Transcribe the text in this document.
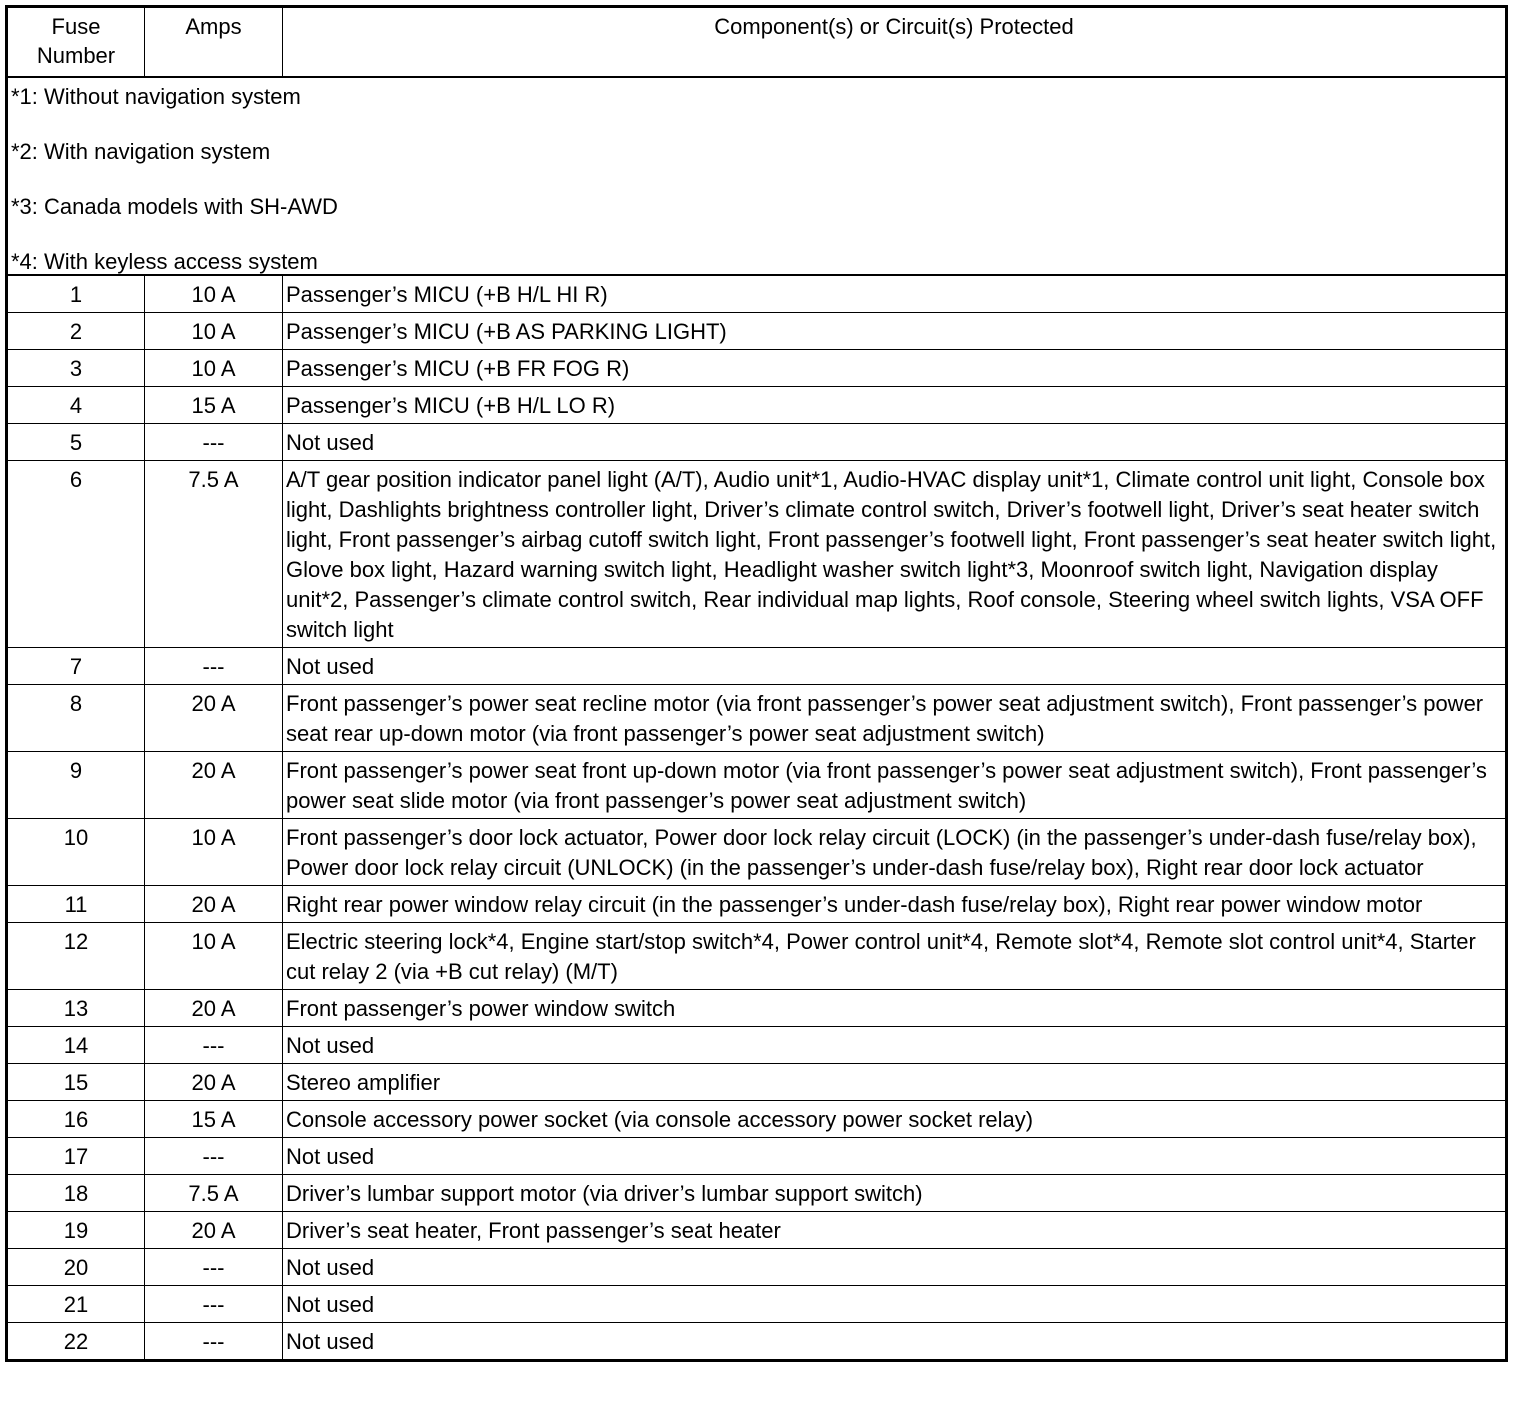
Fuse
Number	Amps	Component(s) or Circuit(s) Protected

*1: Without navigation system
*2: With navigation system
*3: Canada models with SH-AWD
*4: With keyless access system		

1	10 A	Passenger’s MICU (+B H/L HI R)
2	10 A	Passenger’s MICU (+B AS PARKING LIGHT)
3	10 A	Passenger’s MICU (+B FR FOG R)
4	15 A	Passenger’s MICU (+B H/L LO R)
5	---	Not used
6	7.5 A	A/T gear position indicator panel light (A/T), Audio unit*1, Audio-HVAC display unit*1, Climate control unit light, Console box light, Dashlights brightness controller light, Driver’s climate control switch, Driver’s footwell light, Driver’s seat heater switch light, Front passenger’s airbag cutoff switch light, Front passenger’s footwell light, Front passenger’s seat heater switch light, Glove box light, Hazard warning switch light, Headlight washer switch light*3, Moonroof switch light, Navigation display unit*2, Passenger’s climate control switch, Rear individual map lights, Roof console, Steering wheel switch lights, VSA OFF switch light
7	---	Not used
8	20 A	Front passenger’s power seat recline motor (via front passenger’s power seat adjustment switch), Front passenger’s power seat rear up-down motor (via front passenger’s power seat adjustment switch)
9	20 A	Front passenger’s power seat front up-down motor (via front passenger’s power seat adjustment switch), Front passenger’s power seat slide motor (via front passenger’s power seat adjustment switch)
10	10 A	Front passenger’s door lock actuator, Power door lock relay circuit (LOCK) (in the passenger’s under-dash fuse/relay box), Power door lock relay circuit (UNLOCK) (in the passenger’s under-dash fuse/relay box), Right rear door lock actuator
11	20 A	Right rear power window relay circuit (in the passenger’s under-dash fuse/relay box), Right rear power window motor
12	10 A	Electric steering lock*4, Engine start/stop switch*4, Power control unit*4, Remote slot*4, Remote slot control unit*4, Starter cut relay 2 (via +B cut relay) (M/T)
13	20 A	Front passenger’s power window switch
14	---	Not used
15	20 A	Stereo amplifier
16	15 A	Console accessory power socket (via console accessory power socket relay)
17	---	Not used
18	7.5 A	Driver’s lumbar support motor (via driver’s lumbar support switch)
19	20 A	Driver’s seat heater, Front passenger’s seat heater
20	---	Not used
21	---	Not used
22	---	Not used
